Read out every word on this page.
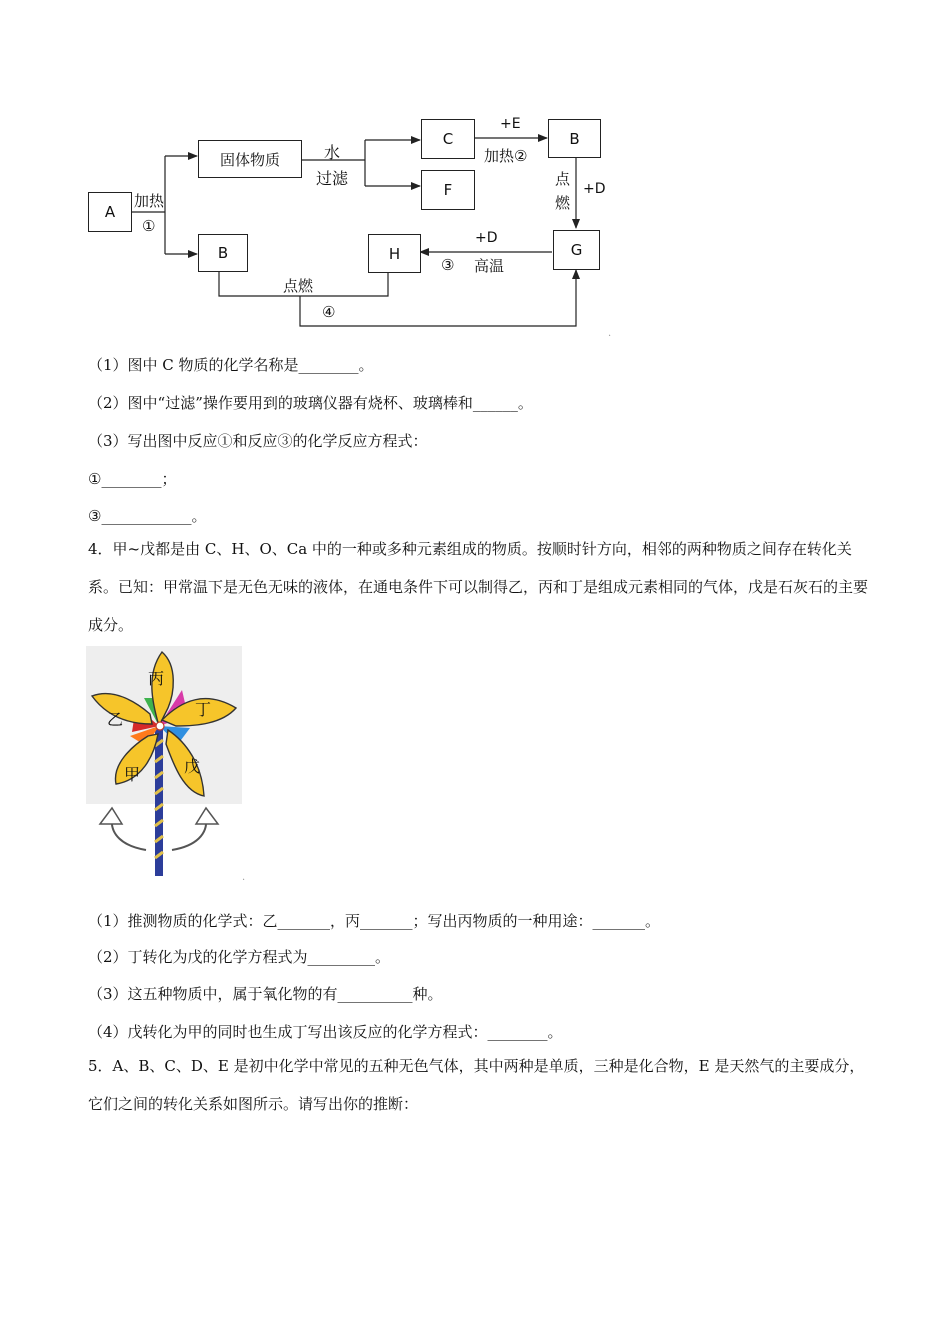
A
固体物质
C
F
B
B	H	G
加热
①
水
过滤
+E
加热②
点
燃
+D
+D
③ 高温
点燃
④
.
（1）图中 C 物质的化学名称是________。
（2）图中“过滤”操作要用到的玻璃仪器有烧杯、玻璃棒和______。
（3）写出图中反应①和反应③的化学反应方程式：
①________；
③____________。
4．甲~戊都是由 C、H、O、Ca 中的一种或多种元素组成的物质。按顺时针方向，相邻的两种物质之间存在转化关系。已知：甲常温下是无色无味的液体，在通电条件下可以制得乙，丙和丁是组成元素相同的气体，戊是石灰石的主要成分。
丙
丁
乙
甲	戊
.
（1）推测物质的化学式：乙_______，丙_______；写出丙物质的一种用途：_______。
（2）丁转化为戊的化学方程式为_________。
（3）这五种物质中，属于氧化物的有__________种。
（4）戊转化为甲的同时也生成丁写出该反应的化学方程式：________。
5．A、B、C、D、E 是初中化学中常见的五种无色气体，其中两种是单质，三种是化合物，E 是天然气的主要成分，它们之间的转化关系如图所示。请写出你的推断：
